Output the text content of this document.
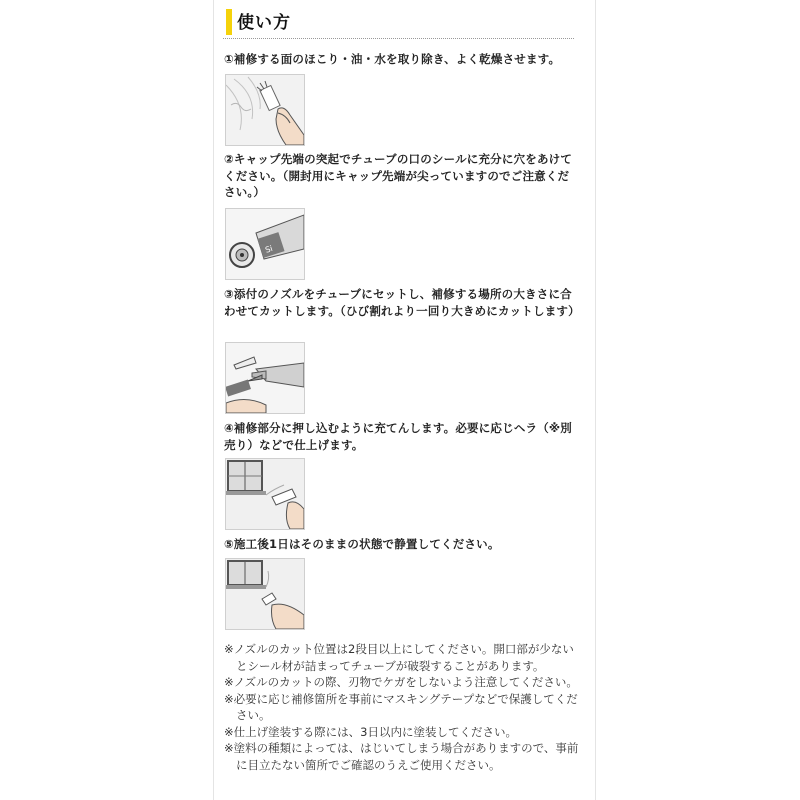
使い方
①補修する面のほこり・油・水を取り除き、よく乾燥させます。
②キャップ先端の突起でチューブの口のシールに充分に穴をあけてください。（開封用にキャップ先端が尖っていますのでご注意ください。）
Si
③添付のノズルをチューブにセットし、補修する場所の大きさに合わせてカットします。（ひび割れより一回り大きめにカットします）
④補修部分に押し込むように充てんします。必要に応じヘラ（※別売り）などで仕上げます。
⑤施工後1日はそのままの状態で静置してください。

※ノズルのカット位置は2段目以上にしてください。開口部が少ないとシール材が詰まってチューブが破裂することがあります。

※ノズルのカットの際、刃物でケガをしないよう注意してください。

※必要に応じ補修箇所を事前にマスキングテープなどで保護してください。

※仕上げ塗装する際には、3日以内に塗装してください。

※塗料の種類によっては、はじいてしまう場合がありますので、事前に目立たない箇所でご確認のうえご使用ください。
